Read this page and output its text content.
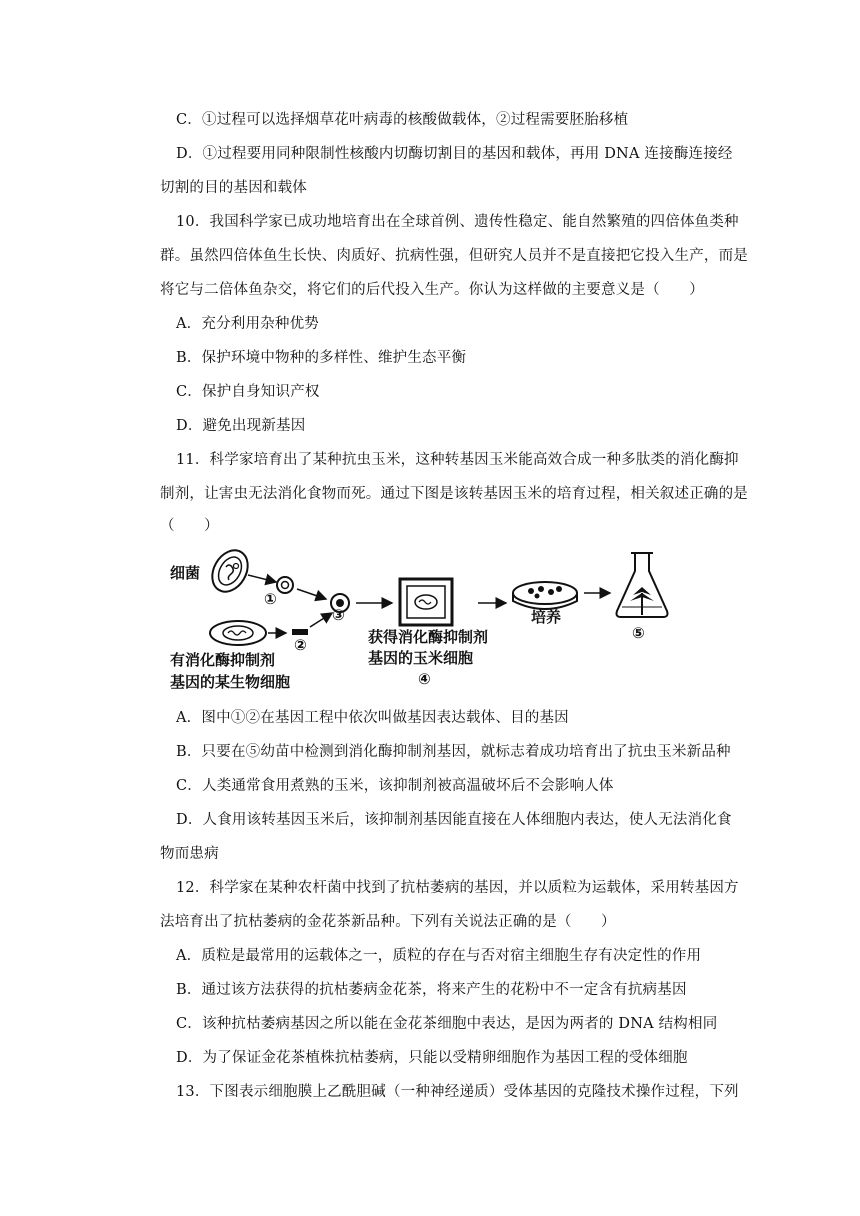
C．①过程可以选择烟草花叶病毒的核酸做载体，②过程需要胚胎移植
D．①过程要用同种限制性核酸内切酶切割目的基因和载体，再用 DNA 连接酶连接经
切割的目的基因和载体
10．我国科学家已成功地培育出在全球首例、遗传性稳定、能自然繁殖的四倍体鱼类种
群。虽然四倍体鱼生长快、肉质好、抗病性强，但研究人员并不是直接把它投入生产，而是
将它与二倍体鱼杂交，将它们的后代投入生产。你认为这样做的主要意义是（　　）
A．充分利用杂种优势
B．保护环境中物种的多样性、维护生态平衡
C．保护自身知识产权
D．避免出现新基因
11．科学家培育出了某种抗虫玉米，这种转基因玉米能高效合成一种多肽类的消化酶抑
制剂，让害虫无法消化食物而死。通过下图是该转基因玉米的培育过程，相关叙述正确的是
（　　）
细菌
①
②
③
有消化酶抑制剂
基因的某生物细胞
获得消化酶抑制剂
基因的玉米细胞
④
培养
⑤
A．图中①②在基因工程中依次叫做基因表达载体、目的基因
B．只要在⑤幼苗中检测到消化酶抑制剂基因，就标志着成功培育出了抗虫玉米新品种
C．人类通常食用煮熟的玉米，该抑制剂被高温破坏后不会影响人体
D．人食用该转基因玉米后，该抑制剂基因能直接在人体细胞内表达，使人无法消化食
物而患病
12．科学家在某种农杆菌中找到了抗枯萎病的基因，并以质粒为运载体，采用转基因方
法培育出了抗枯萎病的金花茶新品种。下列有关说法正确的是（　　）
A．质粒是最常用的运载体之一，质粒的存在与否对宿主细胞生存有决定性的作用
B．通过该方法获得的抗枯萎病金花茶，将来产生的花粉中不一定含有抗病基因
C．该种抗枯萎病基因之所以能在金花茶细胞中表达，是因为两者的 DNA 结构相同
D．为了保证金花茶植株抗枯萎病，只能以受精卵细胞作为基因工程的受体细胞
13．下图表示细胞膜上乙酰胆碱（一种神经递质）受体基因的克隆技术操作过程，下列
